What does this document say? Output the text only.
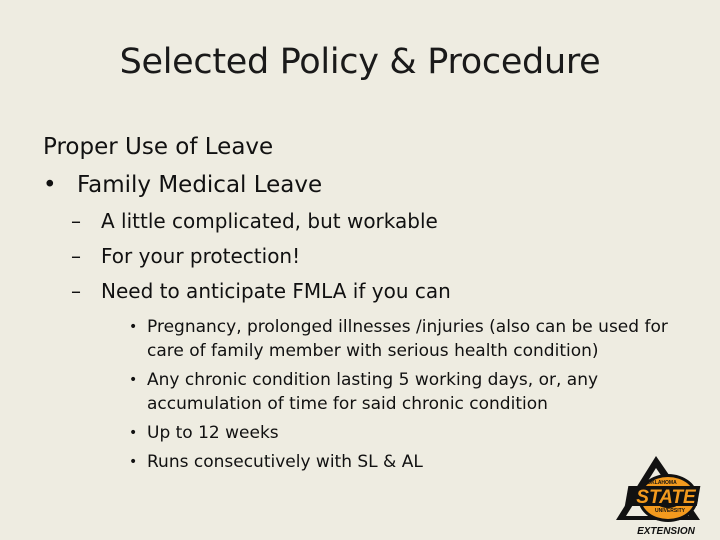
Selected Policy & Procedure
Proper Use of Leave
• Family Medical Leave
–	A little complicated, but workable
–	For your protection!
–	Need to anticipate FMLA if you can
• Pregnancy, prolonged illnesses /injuries (also can be used for care of family member with serious health condition)
• Any chronic condition lasting 5 working days, or, any accumulation of time for said chronic condition
• Up to 12 weeks
• Runs consecutively with SL & AL
OKLAHOMA
STATE
UNIVERSITY
EXTENSION
